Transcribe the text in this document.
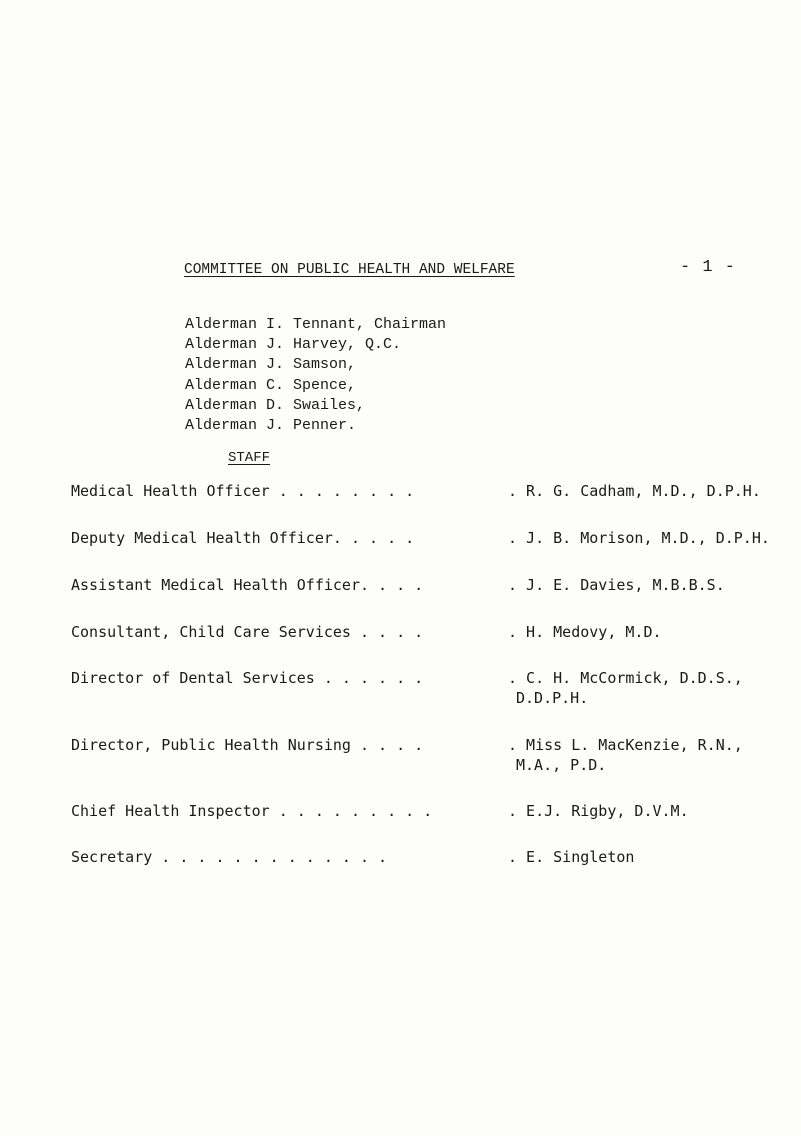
- 1 -
COMMITTEE ON PUBLIC HEALTH AND WELFARE
Alderman I. Tennant, Chairman
Alderman J. Harvey, Q.C.
Alderman J. Samson,
Alderman C. Spence,
Alderman D. Swailes,
Alderman J. Penner.
STAFF
Medical Health Officer . . . . . . . .	. R. G. Cadham, M.D., D.P.H.
Deputy Medical Health Officer. . . . .	. J. B. Morison, M.D., D.P.H.
Assistant Medical Health Officer. . . .	. J. E. Davies, M.B.B.S.
Consultant, Child Care Services . . . .	. H. Medovy, M.D.
Director of Dental Services . . . . . .	. C. H. McCormick, D.D.S.,
D.D.P.H.
Director, Public Health Nursing . . . .	. Miss L. MacKenzie, R.N.,
M.A., P.D.
Chief Health Inspector . . . . . . . . .	. E.J. Rigby, D.V.M.
Secretary . . . . . . . . . . . . .	. E. Singleton
